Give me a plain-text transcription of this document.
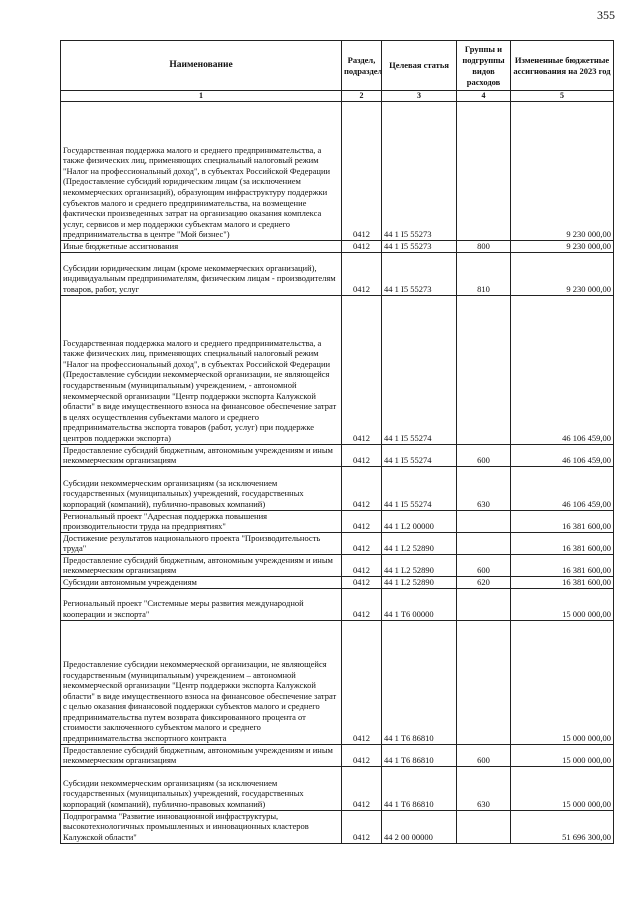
355
Наименование	Раздел, подраздел	Целевая статья	Группы и подгруппы видов расходов	Измененные бюджетные ассигнования на 2023 год
1	2	3	4	5
Государственная поддержка малого и среднего предпринимательства, а также физических лиц, применяющих специальный налоговый режим "Налог на профессиональный доход", в субъектах Российской Федерации (Предоставление субсидий юридическим лицам (за исключением некоммерческих организаций), образующим инфраструктуру поддержки субъектов малого и среднего предпринимательства, на возмещение фактически произведенных затрат на организацию оказания комплекса услуг, сервисов и мер поддержки субъектам малого и среднего предпринимательства в центре "Мой бизнес")	0412	44 1 I5 55273		9 230 000,00
Иные бюджетные ассигнования	0412	44 1 I5 55273	800	9 230 000,00
Субсидии юридическим лицам (кроме некоммерческих организаций), индивидуальным предпринимателям, физическим лицам - производителям товаров, работ, услуг	0412	44 1 I5 55273	810	9 230 000,00
Государственная поддержка малого и среднего предпринимательства, а также физических лиц, применяющих специальный налоговый режим "Налог на профессиональный доход", в субъектах Российской Федерации (Предоставление субсидии некоммерческой организации, не являющейся государственным (муниципальным) учреждением, - автономной некоммерческой организации "Центр поддержки экспорта Калужской области" в виде имущественного взноса на финансовое обеспечение затрат в целях осуществления субъектами малого и среднего предпринимательства экспорта товаров (работ, услуг) при поддержке центров поддержки экспорта)	0412	44 1 I5 55274		46 106 459,00
Предоставление субсидий бюджетным, автономным учреждениям и иным некоммерческим организациям	0412	44 1 I5 55274	600	46 106 459,00
Субсидии некоммерческим организациям (за исключением государственных (муниципальных) учреждений, государственных корпораций (компаний), публично-правовых компаний)	0412	44 1 I5 55274	630	46 106 459,00
Региональный проект "Адресная поддержка повышения производительности труда на предприятиях"	0412	44 1 L2 00000		16 381 600,00
Достижение результатов национального проекта "Производительность труда"	0412	44 1 L2 52890		16 381 600,00
Предоставление субсидий бюджетным, автономным учреждениям и иным некоммерческим организациям	0412	44 1 L2 52890	600	16 381 600,00
Субсидии автономным учреждениям	0412	44 1 L2 52890	620	16 381 600,00
Региональный проект "Системные меры развития международной кооперации и экспорта"	0412	44 1 T6 00000		15 000 000,00
Предоставление субсидии некоммерческой организации, не являющейся государственным (муниципальным) учреждением – автономной некоммерческой организации "Центр поддержки экспорта Калужской области" в виде имущественного взноса на финансовое обеспечение затрат с целью оказания финансовой поддержки субъектов малого и среднего предпринимательства путем возврата фиксированного процента от стоимости заключенного субъектом малого и среднего предпринимательства экспортного контракта	0412	44 1 T6 86810		15 000 000,00
Предоставление субсидий бюджетным, автономным учреждениям и иным некоммерческим организациям	0412	44 1 T6 86810	600	15 000 000,00
Субсидии некоммерческим организациям (за исключением государственных (муниципальных) учреждений, государственных корпораций (компаний), публично-правовых компаний)	0412	44 1 T6 86810	630	15 000 000,00
Подпрограмма "Развитие инновационной инфраструктуры, высокотехнологичных промышленных и инновационных кластеров Калужской области"	0412	44 2 00 00000		51 696 300,00
